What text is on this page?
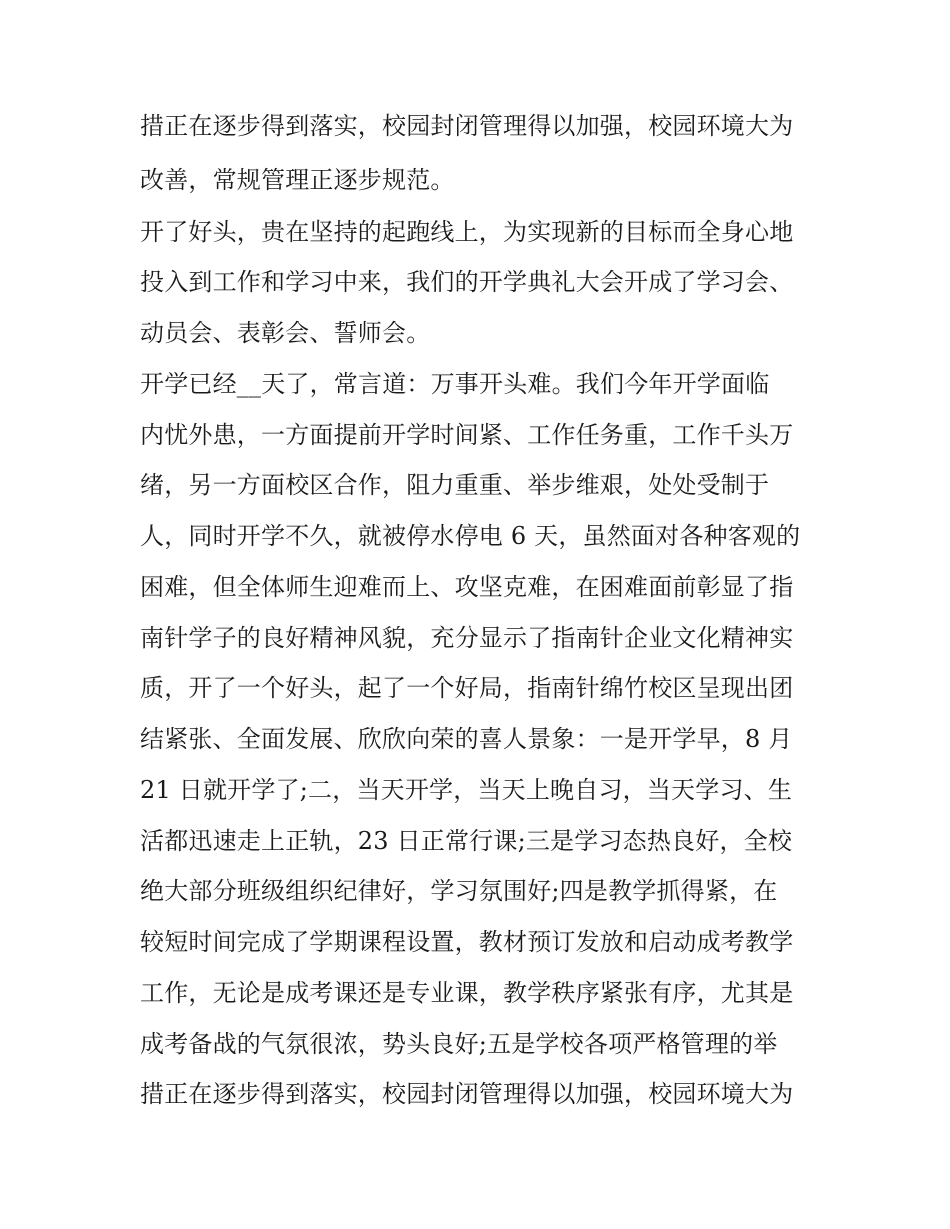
措正在逐步得到落实，校园封闭管理得以加强，校园环境大为
改善，常规管理正逐步规范。
开了好头，贵在坚持的起跑线上，为实现新的目标而全身心地
投入到工作和学习中来，我们的开学典礼大会开成了学习会、
动员会、表彰会、誓师会。
开学已经__天了，常言道：万事开头难。我们今年开学面临
内忧外患，一方面提前开学时间紧、工作任务重，工作千头万
绪，另一方面校区合作，阻力重重、举步维艰，处处受制于
人，同时开学不久，就被停水停电 6 天，虽然面对各种客观的
困难，但全体师生迎难而上、攻坚克难，在困难面前彰显了指
南针学子的良好精神风貌，充分显示了指南针企业文化精神实
质，开了一个好头，起了一个好局，指南针绵竹校区呈现出团
结紧张、全面发展、欣欣向荣的喜人景象：一是开学早，8 月
21 日就开学了;二，当天开学，当天上晚自习，当天学习、生
活都迅速走上正轨，23 日正常行课;三是学习态热良好，全校
绝大部分班级组织纪律好，学习氛围好;四是教学抓得紧，在
较短时间完成了学期课程设置，教材预订发放和启动成考教学
工作，无论是成考课还是专业课，教学秩序紧张有序，尤其是
成考备战的气氛很浓，势头良好;五是学校各项严格管理的举
措正在逐步得到落实，校园封闭管理得以加强，校园环境大为
